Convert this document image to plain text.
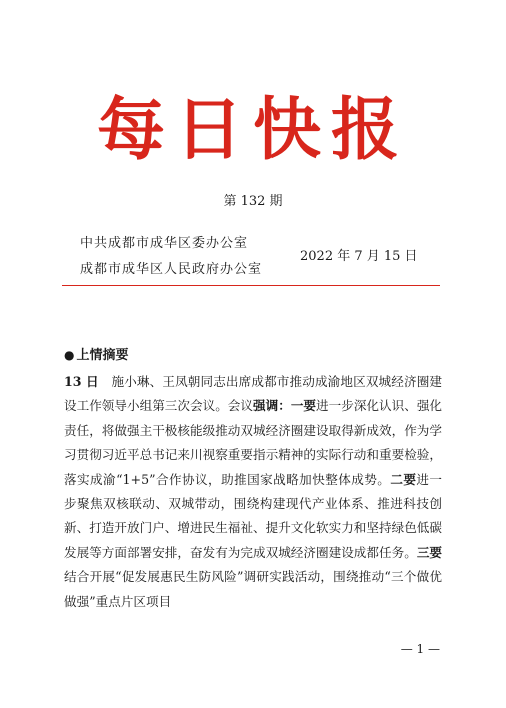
每日快报
第 132 期
中共成都市成华区委办公室
成都市成华区人民政府办公室
2022 年 7 月 15 日
● 上情摘要
13 日　施小琳、王凤朝同志出席成都市推动成渝地区双城经济圈建设工作领导小组第三次会议。会议强调：一要进一步深化认识、强化责任，将做强主干极核能级推动双城经济圈建设取得新成效，作为学习贯彻习近平总书记来川视察重要指示精神的实际行动和重要检验，落实成渝“1+5”合作协议，助推国家战略加快整体成势。二要进一步聚焦双核联动、双城带动，围绕构建现代产业体系、推进科技创新、打造开放门户、增进民生福祉、提升文化软实力和坚持绿色低碳发展等方面部署安排，奋发有为完成双城经济圈建设成都任务。三要结合开展“促发展惠民生防风险”调研实践活动，围绕推动“三个做优做强”重点片区项目
— 1 —
